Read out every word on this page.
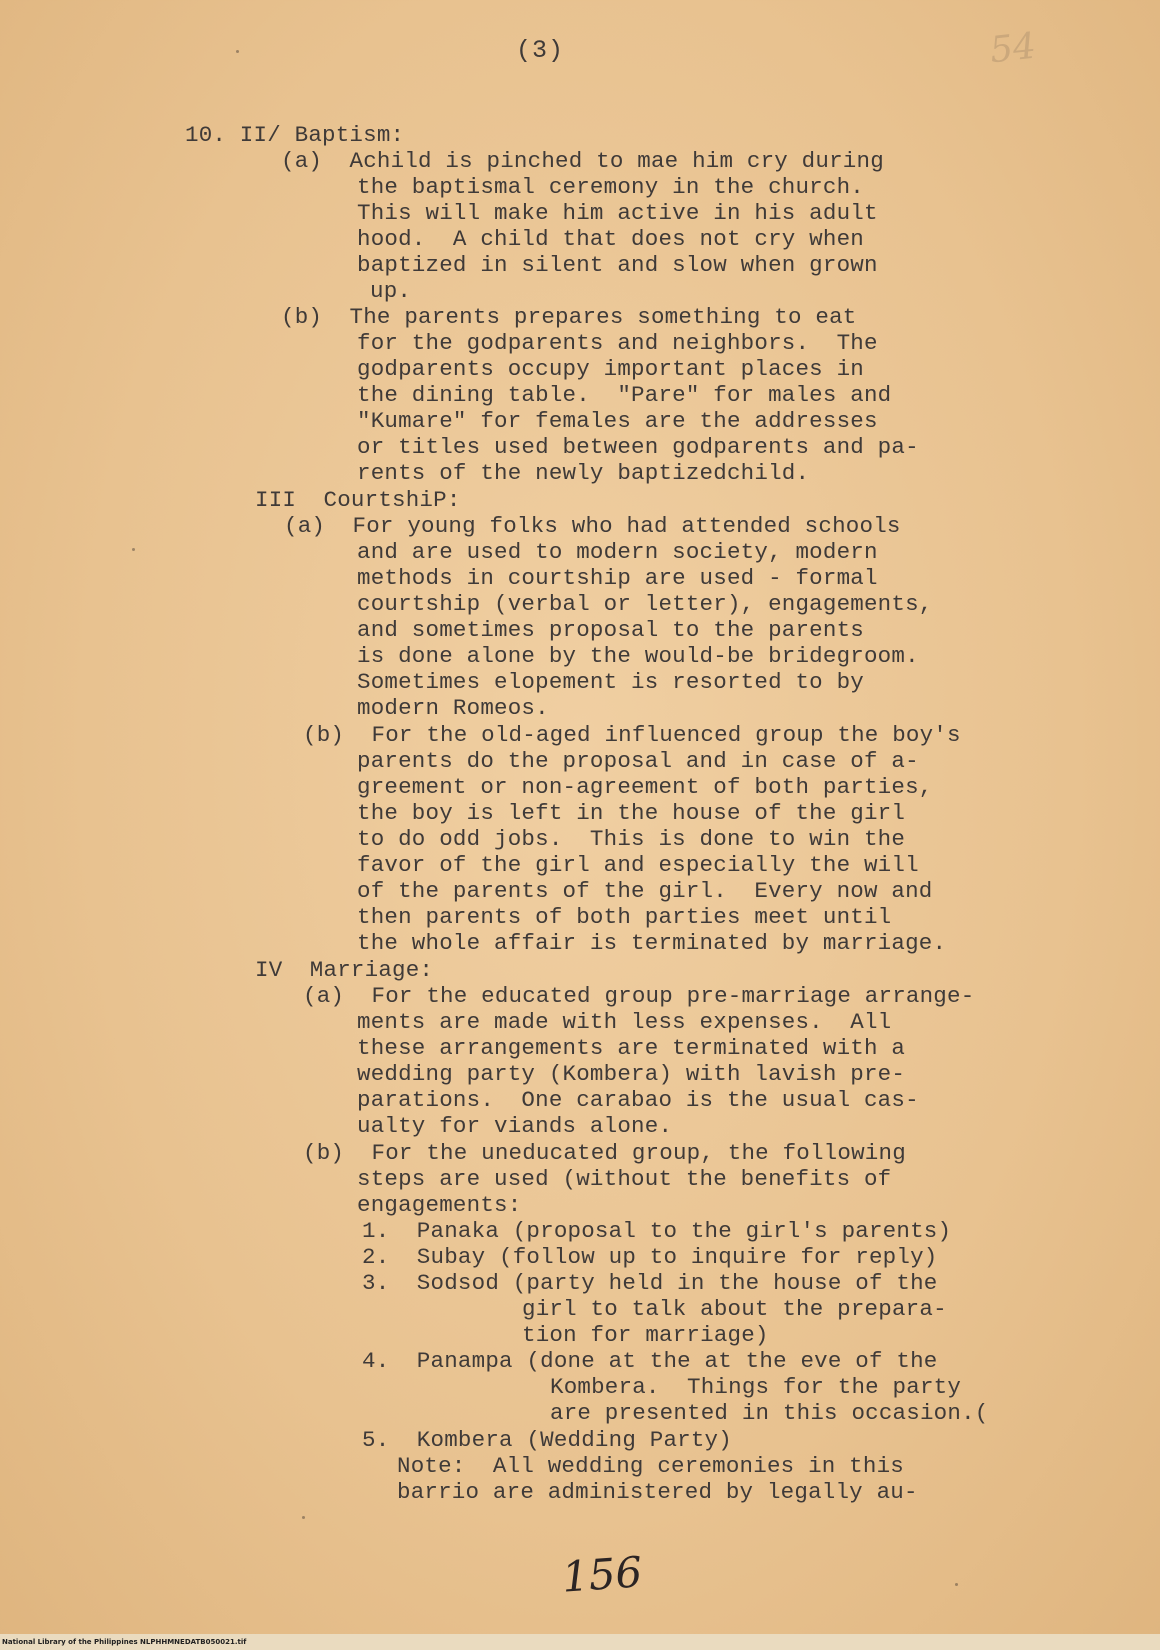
(3)	54
10. II/ Baptism:
(a)  Achild is pinched to mae him cry during
the baptismal ceremony in the church.
This will make him active in his adult
hood.  A child that does not cry when
baptized in silent and slow when grown
up.
(b)  The parents prepares something to eat
for the godparents and neighbors.  The
godparents occupy important places in
the dining table.  "Pare" for males and
"Kumare" for females are the addresses
or titles used between godparents and pa-
rents of the newly baptizedchild.
III  CourtshiP:
(a)  For young folks who had attended schools
and are used to modern society, modern
methods in courtship are used - formal
courtship (verbal or letter), engagements,
and sometimes proposal to the parents
is done alone by the would-be bridegroom.
Sometimes elopement is resorted to by
modern Romeos.
(b)  For the old-aged influenced group the boy's
parents do the proposal and in case of a-
greement or non-agreement of both parties,
the boy is left in the house of the girl
to do odd jobs.  This is done to win the
favor of the girl and especially the will
of the parents of the girl.  Every now and
then parents of both parties meet until
the whole affair is terminated by marriage.
IV  Marriage:
(a)  For the educated group pre-marriage arrange-
ments are made with less expenses.  All
these arrangements are terminated with a
wedding party (Kombera) with lavish pre-
parations.  One carabao is the usual cas-
ualty for viands alone.
(b)  For the uneducated group, the following
steps are used (without the benefits of
engagements:
1.  Panaka (proposal to the girl's parents)
2.  Subay (follow up to inquire for reply)
3.  Sodsod (party held in the house of the
girl to talk about the prepara-
tion for marriage)
4.  Panampa (done at the at the eve of the
Kombera.  Things for the party
are presented in this occasion.(
5.  Kombera (Wedding Party)
Note:  All wedding ceremonies in this
barrio are administered by legally au-
156
National Library of the Philippines NLPHHMNEDATB050021.tif
